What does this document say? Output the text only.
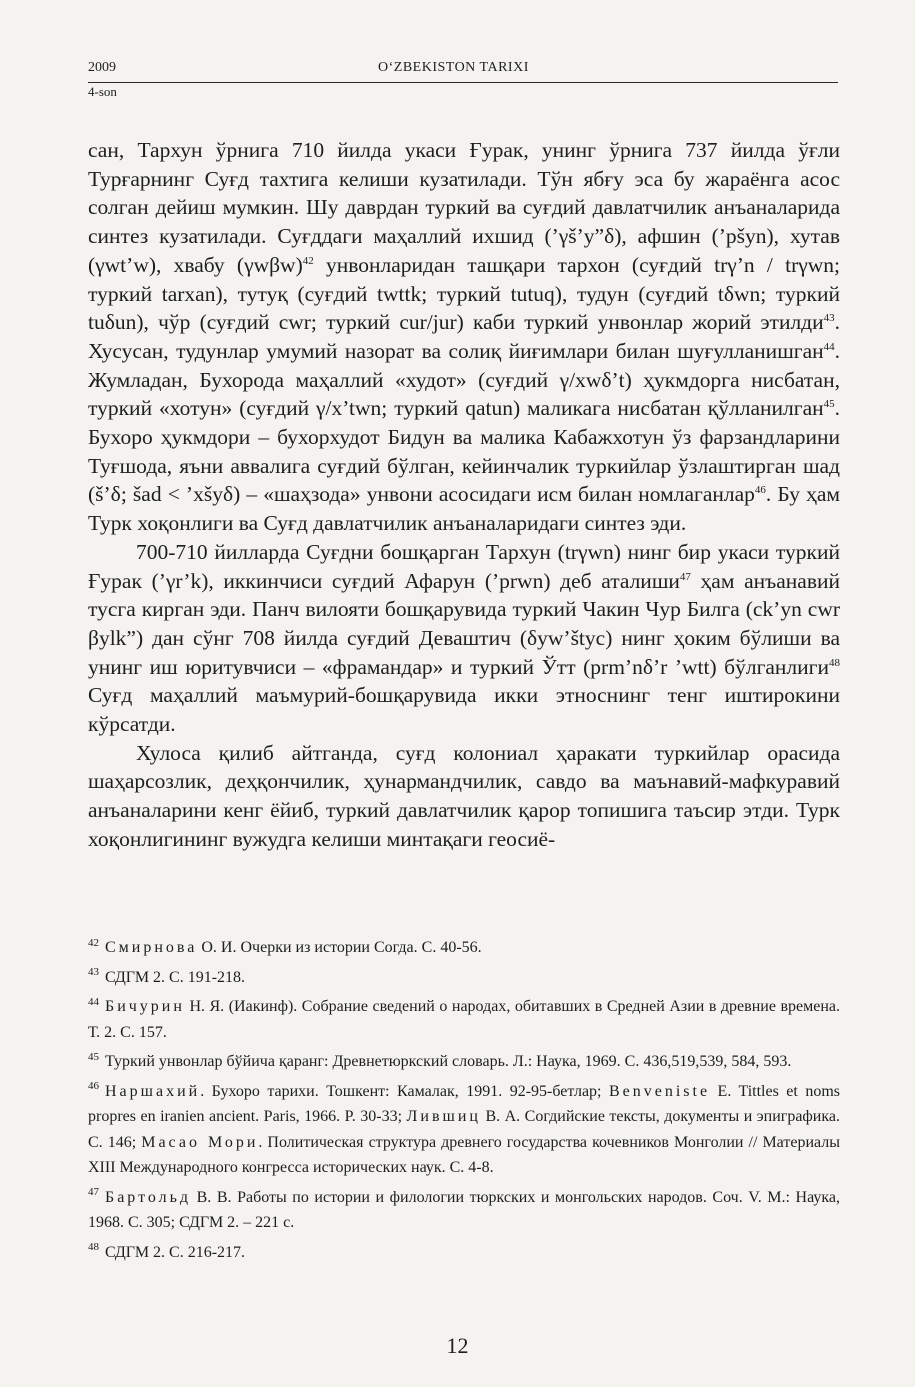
2009	O‘ZBEKISTON TARIXI
4-son

сан, Тархун ўрнига 710 йилда укаси Ғурак, унинг ўрнига 737 йилда ўғли Турғарнинг Суғд тахтига келиши кузатилади. Тўн ябғу эса бу жараёнга асос солган дейиш мумкин. Шу даврдан туркий ва суғдий давлатчилик анъаналарида синтез кузатилади. Суғддаги маҳаллий ихшид (’γš’y”δ), афшин (’pšyn), хутав (γwt’w), хвабу $(\gamma w\beta w)^{42}$ унвонларидан ташқари тархон (суғдий trγ’n / trγwn; туркий tarxan), тутуқ (суғдий twttk; туркий tutuq), тудун (суғдий tδwn; туркий tuδun), чўр (суғдий cwr; туркий cur/jur) каби туркий унвонлар жорий этилди$^{43}$. Хусусан, тудунлар умумий назорат ва солиқ йиғимлари билан шуғулланишган$^{44}$. Жумладан, Бухорода маҳаллий «худот» (суғдий γ/xwδ’t) ҳукмдорга нисбатан, туркий «хотун» (суғдий γ/x’twn; туркий qatun) маликага нисбатан қўлланилган$^{45}$. Бухоро ҳукмдори – бухорхудот Бидун ва малика Кабажхотун ўз фарзандларини Туғшода, яъни аввалига суғдий бўлган, кейинчалик туркийлар ўзлаштирган шад (š’δ; šad < ’xšyδ) – «шаҳзода» унвони асосидаги исм билан номлаганлар$^{46}$. Бу ҳам Турк хоқонлиги ва Суғд давлатчилик анъаналаридаги синтез эди.

700-710 йилларда Суғдни бошқарган Тархун (trγwn) нинг бир укаси туркий Ғурак (’γr’k), иккинчиси суғдий Афарун (’prwn) деб аталиши$^{47}$ ҳам анъанавий тусга кирган эди. Панч вилояти бошқарувида туркий Чакин Чур Билга (ck’yn cwr βylk”) дан сўнг 708 йилда суғдий Деваштич (δyw’štyc) нинг ҳоким бўлиши ва унинг иш юритувчиси – «фрамандар» и туркий Ўтт (prm’nδ’r ’wtt) бўлганлиги$^{48}$ Суғд маҳаллий маъмурий-бошқарувида икки этноснинг тенг иштирокини кўрсатди.

Хулоса қилиб айтганда, суғд колониал ҳаракати туркийлар орасида шаҳарсозлик, деҳқончилик, ҳунармандчилик, савдо ва маънавий-мафкуравий анъаналарини кенг ёйиб, туркий давлатчилик қарор топишига таъсир этди. Турк хоқонлигининг вужудга келиши минтақаги геосиё-

$^{42}$ Смирнова О. И. Очерки из истории Согда. С. 40-56.
$^{43}$ СДГМ 2. С. 191-218.
$^{44}$ Бичурин Н. Я. (Иакинф). Собрание сведений о народах, обитавших в Средней Азии в древние времена. Т. 2. С. 157.
$^{45}$ Туркий унвонлар бўйича қаранг: Древнетюркский словарь. Л.: Наука, 1969. С. 436,519,539, 584, 593.
$^{46}$ Наршахий. Бухоро тарихи. Тошкент: Камалак, 1991. 92-95-бетлар; Benveniste E. Tittles et noms propres en iranien ancient. Paris, 1966. P. 30-33; Лившиц В. А. Согдийские тексты, документы и эпиграфика. С. 146; Масао Мори. Политическая структура древнего государства кочевников Монголии // Материалы XIII Международного конгресса исторических наук. С. 4-8.
$^{47}$ Бартольд В. В. Работы по истории и филологии тюркских и монгольских народов. Соч. V. М.: Наука, 1968. С. 305; СДГМ 2. – 221 с.
$^{48}$ СДГМ 2. С. 216-217.
12
